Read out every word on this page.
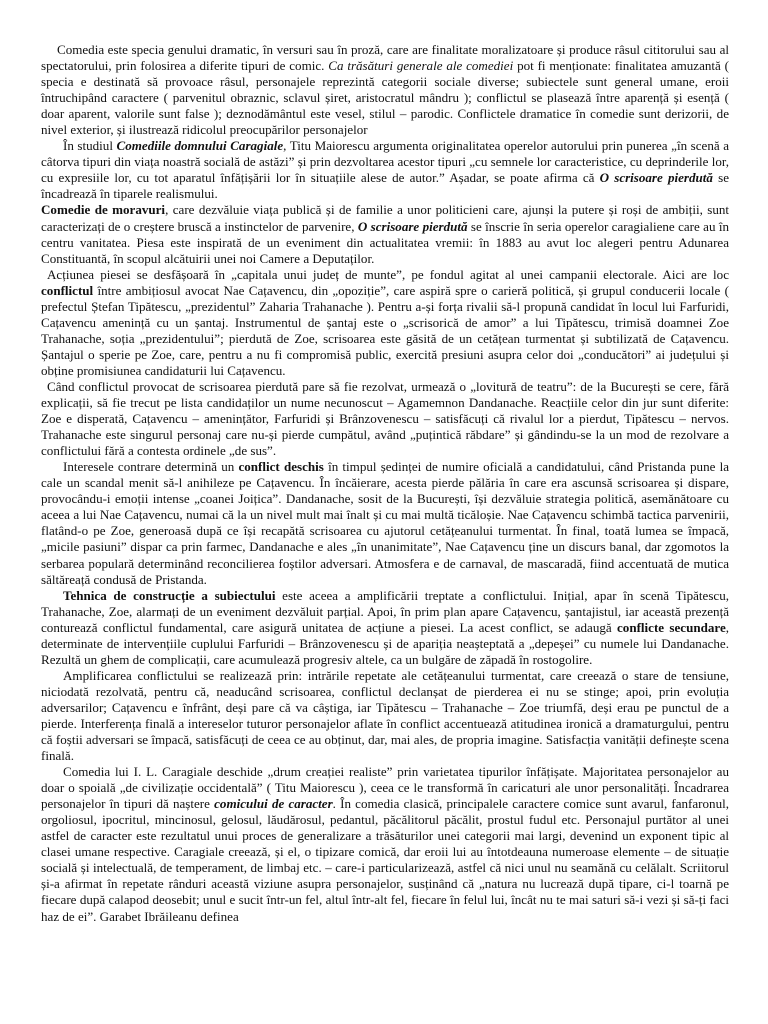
Comedia este specia genului dramatic, în versuri sau în proză, care are finalitate moralizatoare și produce râsul cititorului sau al spectatorului, prin folosirea a diferite tipuri de comic. Ca trăsături generale ale comediei pot fi menționate: finalitatea amuzantă ( specia e destinată să provoace râsul, personajele reprezintă categorii sociale diverse; subiectele sunt general umane, eroii întruchipând caractere ( parvenitul obraznic, sclavul șiret, aristocratul mândru ); conflictul se plasează între aparență și esență ( doar aparent, valorile sunt false ); deznodământul este vesel, stilul – parodic. Conflictele dramatice în comedie sunt derizorii, de nivel exterior, și ilustrează ridicolul preocupărilor personajelor

În studiul Comediile domnului Caragiale, Titu Maiorescu argumenta originalitatea operelor autorului prin punerea „în scenă a câtorva tipuri din viața noastră socială de astăzi” și prin dezvoltarea acestor tipuri „cu semnele lor caracteristice, cu deprinderile lor, cu expresiile lor, cu tot aparatul înfățișării lor în situațiile alese de autor.” Așadar, se poate afirma că O scrisoare pierdută se încadrează în tiparele realismului.

Comedie de moravuri, care dezvăluie viața publică și de familie a unor politicieni care, ajunși la putere și roși de ambiții, sunt caracterizați de o creștere bruscă a instinctelor de parvenire, O scrisoare pierdută se înscrie în seria operelor caragialiene care au în centru vanitatea. Piesa este inspirată de un eveniment din actualitatea vremii: în 1883 au avut loc alegeri pentru Adunarea Constituantă, în scopul alcătuirii unei noi Camere a Deputaților.

Acțiunea piesei se desfășoară în „capitala unui județ de munte”, pe fondul agitat al unei campanii electorale. Aici are loc conflictul între ambițiosul avocat Nae Cațavencu, din „opoziție”, care aspiră spre o carieră politică, și grupul conducerii locale ( prefectul Ștefan Tipătescu, „prezidentul” Zaharia Trahanache ). Pentru a-și forța rivalii să-l propună candidat în locul lui Farfuridi, Cațavencu amenință cu un șantaj. Instrumentul de șantaj este o „scrisorică de amor” a lui Tipătescu, trimisă doamnei Zoe Trahanache, soția „prezidentului”; pierdută de Zoe, scrisoarea este găsită de un cetățean turmentat și subtilizată de Cațavencu. Șantajul o sperie pe Zoe, care, pentru a nu fi compromisă public, exercită presiuni asupra celor doi „conducători” ai județului și obține promisiunea candidaturii lui Cațavencu.

Când conflictul provocat de scrisoarea pierdută pare să fie rezolvat, urmează o „lovitură de teatru”: de la București se cere, fără explicații, să fie trecut pe lista candidaților un nume necunoscut – Agamemnon Dandanache. Reacțiile celor din jur sunt diferite: Zoe e disperată, Cațavencu – amenințător, Farfuridi și Brânzovenescu – satisfăcuți că rivalul lor a pierdut, Tipătescu – nervos. Trahanache este singurul personaj care nu-și pierde cumpătul, având „puțintică răbdare” și gândindu-se la un mod de rezolvare a conflictului fără a contesta ordinele „de sus”.

Interesele contrare determină un conflict deschis în timpul ședinței de numire oficială a candidatului, când Pristanda pune la cale un scandal menit să-l anihileze pe Cațavencu. În încăierare, acesta pierde pălăria în care era ascunsă scrisoarea și dispare, provocându-i emoții intense „coanei Joițica”. Dandanache, sosit de la București, își dezvăluie strategia politică, asemănătoare cu aceea a lui Nae Cațavencu, numai că la un nivel mult mai înalt și cu mai multă ticăloșie. Nae Cațavencu schimbă tactica parvenirii, flatând-o pe Zoe, generoasă după ce își recapătă scrisoarea cu ajutorul cetățeanului turmentat. În final, toată lumea se împacă, „micile pasiuni” dispar ca prin farmec, Dandanache e ales „în unanimitate”, Nae Cațavencu ține un discurs banal, dar zgomotos la serbarea populară determinând reconcilierea foștilor adversari. Atmosfera e de carnaval, de mascaradă, fiind accentuată de mutica săltăreață condusă de Pristanda.

Tehnica de construcție a subiectului este aceea a amplificării treptate a conflictului. Inițial, apar în scenă Tipătescu, Trahanache, Zoe, alarmați de un eveniment dezvăluit parțial. Apoi, în prim plan apare Cațavencu, șantajistul, iar această prezență conturează conflictul fundamental, care asigură unitatea de acțiune a piesei. La acest conflict, se adaugă conflicte secundare, determinate de intervențiile cuplului Farfuridi – Brânzovenescu și de apariția neașteptată a „depeșei” cu numele lui Dandanache. Rezultă un ghem de complicații, care acumulează progresiv altele, ca un bulgăre de zăpadă în rostogolire.

Amplificarea conflictului se realizează prin: intrările repetate ale cetățeanului turmentat, care creează o stare de tensiune, niciodată rezolvată, pentru că, neaducând scrisoarea, conflictul declanșat de pierderea ei nu se stinge; apoi, prin evoluția adversarilor; Cațavencu e înfrânt, deși pare că va câștiga, iar Tipătescu – Trahanache – Zoe triumfă, deși erau pe punctul de a pierde. Interferența finală a intereselor tuturor personajelor aflate în conflict accentuează atitudinea ironică a dramaturgului, pentru că foștii adversari se împacă, satisfăcuți de ceea ce au obținut, dar, mai ales, de propria imagine. Satisfacția vanității definește scena finală.

Comedia lui I. L. Caragiale deschide „drum creației realiste” prin varietatea tipurilor înfățișate. Majoritatea personajelor au doar o spoială „de civilizație occidentală” ( Titu Maiorescu ), ceea ce le transformă în caricaturi ale unor personalități. Încadrarea personajelor în tipuri dă naștere comicului de caracter. În comedia clasică, principalele caractere comice sunt avarul, fanfaronul, orgoliosul, ipocritul, mincinosul, gelosul, lăudărosul, pedantul, păcălitorul păcălit, prostul fudul etc. Personajul purtător al unei astfel de caracter este rezultatul unui proces de generalizare a trăsăturilor unei categorii mai largi, devenind un exponent tipic al clasei umane respective. Caragiale creează, și el, o tipizare comică, dar eroii lui au întotdeauna numeroase elemente – de situație socială și intelectuală, de temperament, de limbaj etc. – care-i particularizează, astfel că nici unul nu seamănă cu celălalt. Scriitorul și-a afirmat în repetate rânduri această viziune asupra personajelor, susținând că „natura nu lucrează după tipare, ci-l toarnă pe fiecare după calapod deosebit; unul e sucit într-un fel, altul într-alt fel, fiecare în felul lui, încât nu te mai saturi să-i vezi și să-ți faci haz de ei”. Garabet Ibrăileanu definea
